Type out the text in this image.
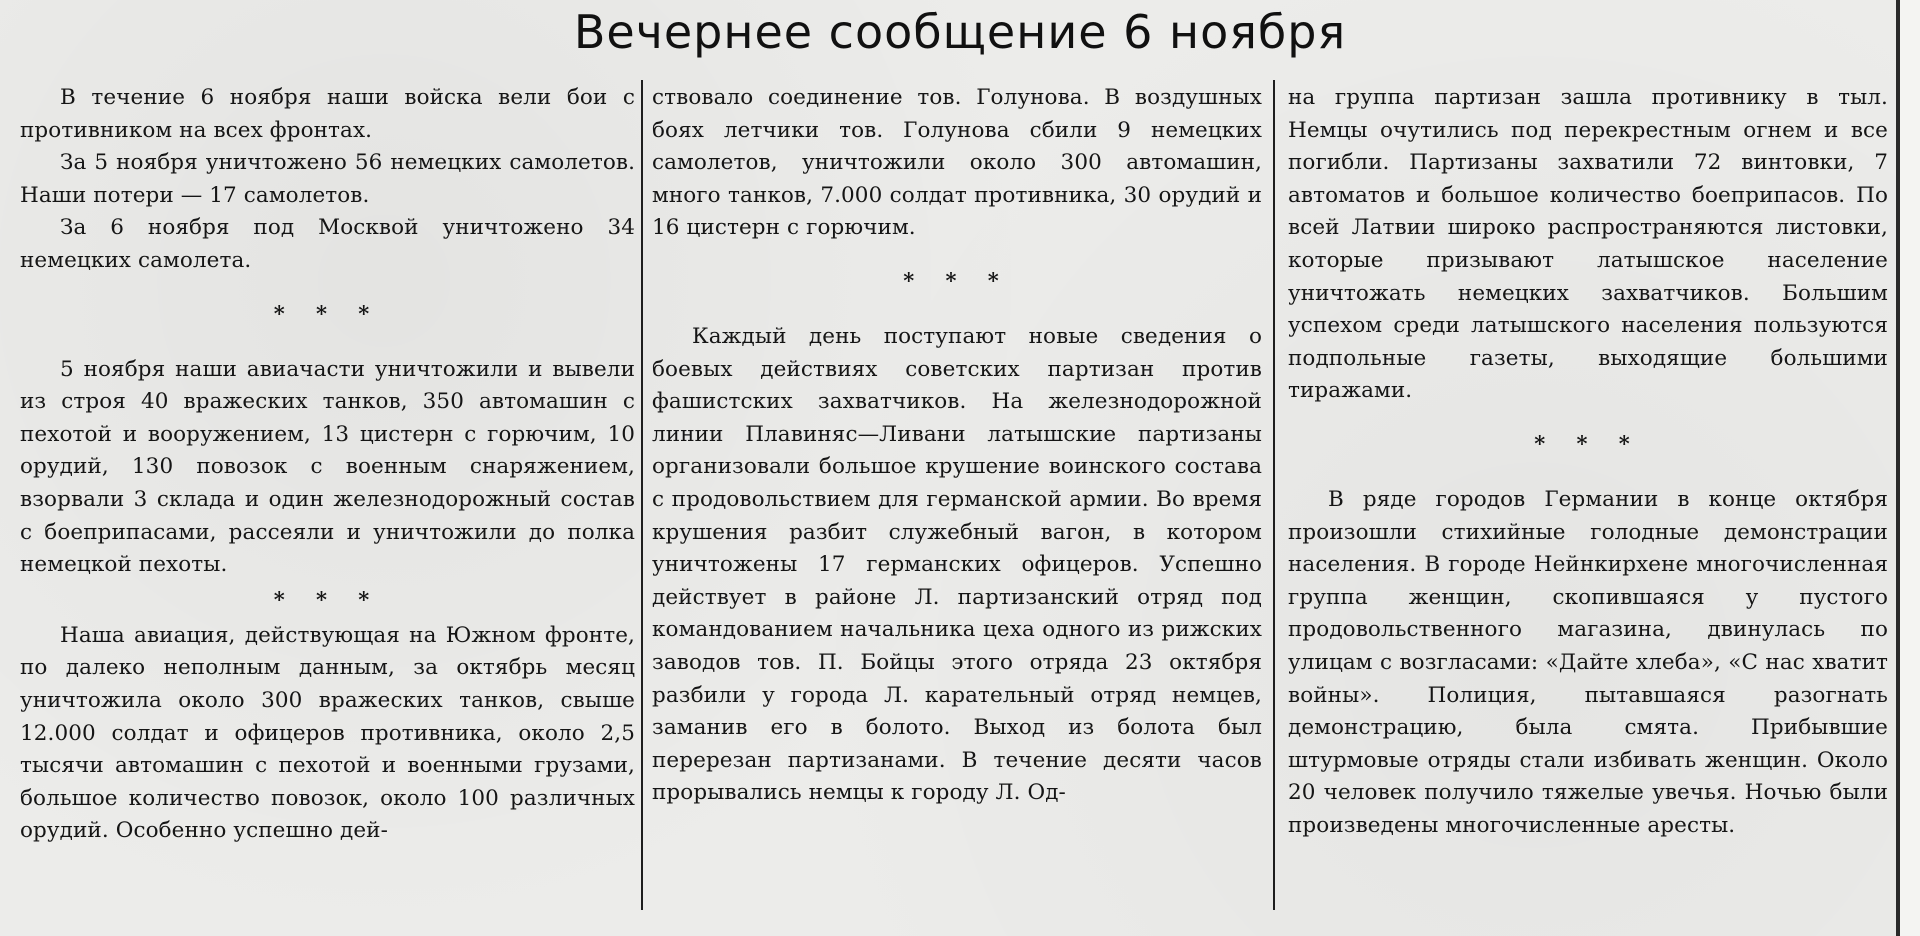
Вечернее сообщение 6 ноября

В течение 6 ноября наши войска вели бои с противником на всех фронтах.

За 5 ноября уничтожено 56 немецких самолетов. Наши потери — 17 самолетов.

За 6 ноября под Москвой уничтожено 34 немецких самолета.

* * *

5 ноября наши авиачасти уничтожили и вывели из строя 40 вражеских танков, 350 автомашин с пехотой и вооружением, 13 цистерн с горючим, 10 орудий, 130 повозок с военным снаряжением, взорвали 3 склада и один железнодорожный состав с боеприпасами, рассеяли и уничтожили до полка немецкой пехоты.

* * *

Наша авиация, действующая на Южном фронте, по далеко неполным данным, за октябрь месяц уничтожила около 300 вражеских танков, свыше 12.000 солдат и офицеров противника, около 2,5 тысячи автомашин с пехотой и военными грузами, большое количество повозок, около 100 различных орудий. Особенно успешно дей-

ствовало соединение тов. Голунова. В воздушных боях летчики тов. Голунова сбили 9 немецких самолетов, уничтожили около 300 автомашин, много танков, 7.000 солдат противника, 30 орудий и 16 цистерн с горючим.

* * *

Каждый день поступают новые сведения о боевых действиях советских партизан против фашистских захватчиков. На железнодорожной линии Плавиняс—Ливани латышские партизаны организовали большое крушение воинского состава с продовольствием для германской армии. Во время крушения разбит служебный вагон, в котором уничтожены 17 германских офицеров. Успешно действует в районе Л. партизанский отряд под командованием начальника цеха одного из рижских заводов тов. П. Бойцы этого отряда 23 октября разбили у города Л. карательный отряд немцев, заманив его в болото. Выход из болота был перерезан партизанами. В течение десяти часов прорывались немцы к городу Л. Од-

на группа партизан зашла противнику в тыл. Немцы очутились под перекрестным огнем и все погибли. Партизаны захватили 72 винтовки, 7 автоматов и большое количество боеприпасов. По всей Латвии широко распространяются листовки, которые призывают латышское население уничтожать немецких захватчиков. Большим успехом среди латышского населения пользуются подпольные газеты, выходящие большими тиражами.

* * *

В ряде городов Германии в конце октября произошли стихийные голодные демонстрации населения. В городе Нейнкирхене многочисленная группа женщин, скопившаяся у пустого продовольственного магазина, двинулась по улицам с возгласами: «Дайте хлеба», «С нас хватит войны». Полиция, пытавшаяся разогнать демонстрацию, была смята. Прибывшие штурмовые отряды стали избивать женщин. Около 20 человек получило тяжелые увечья. Ночью были произведены многочисленные аресты.
